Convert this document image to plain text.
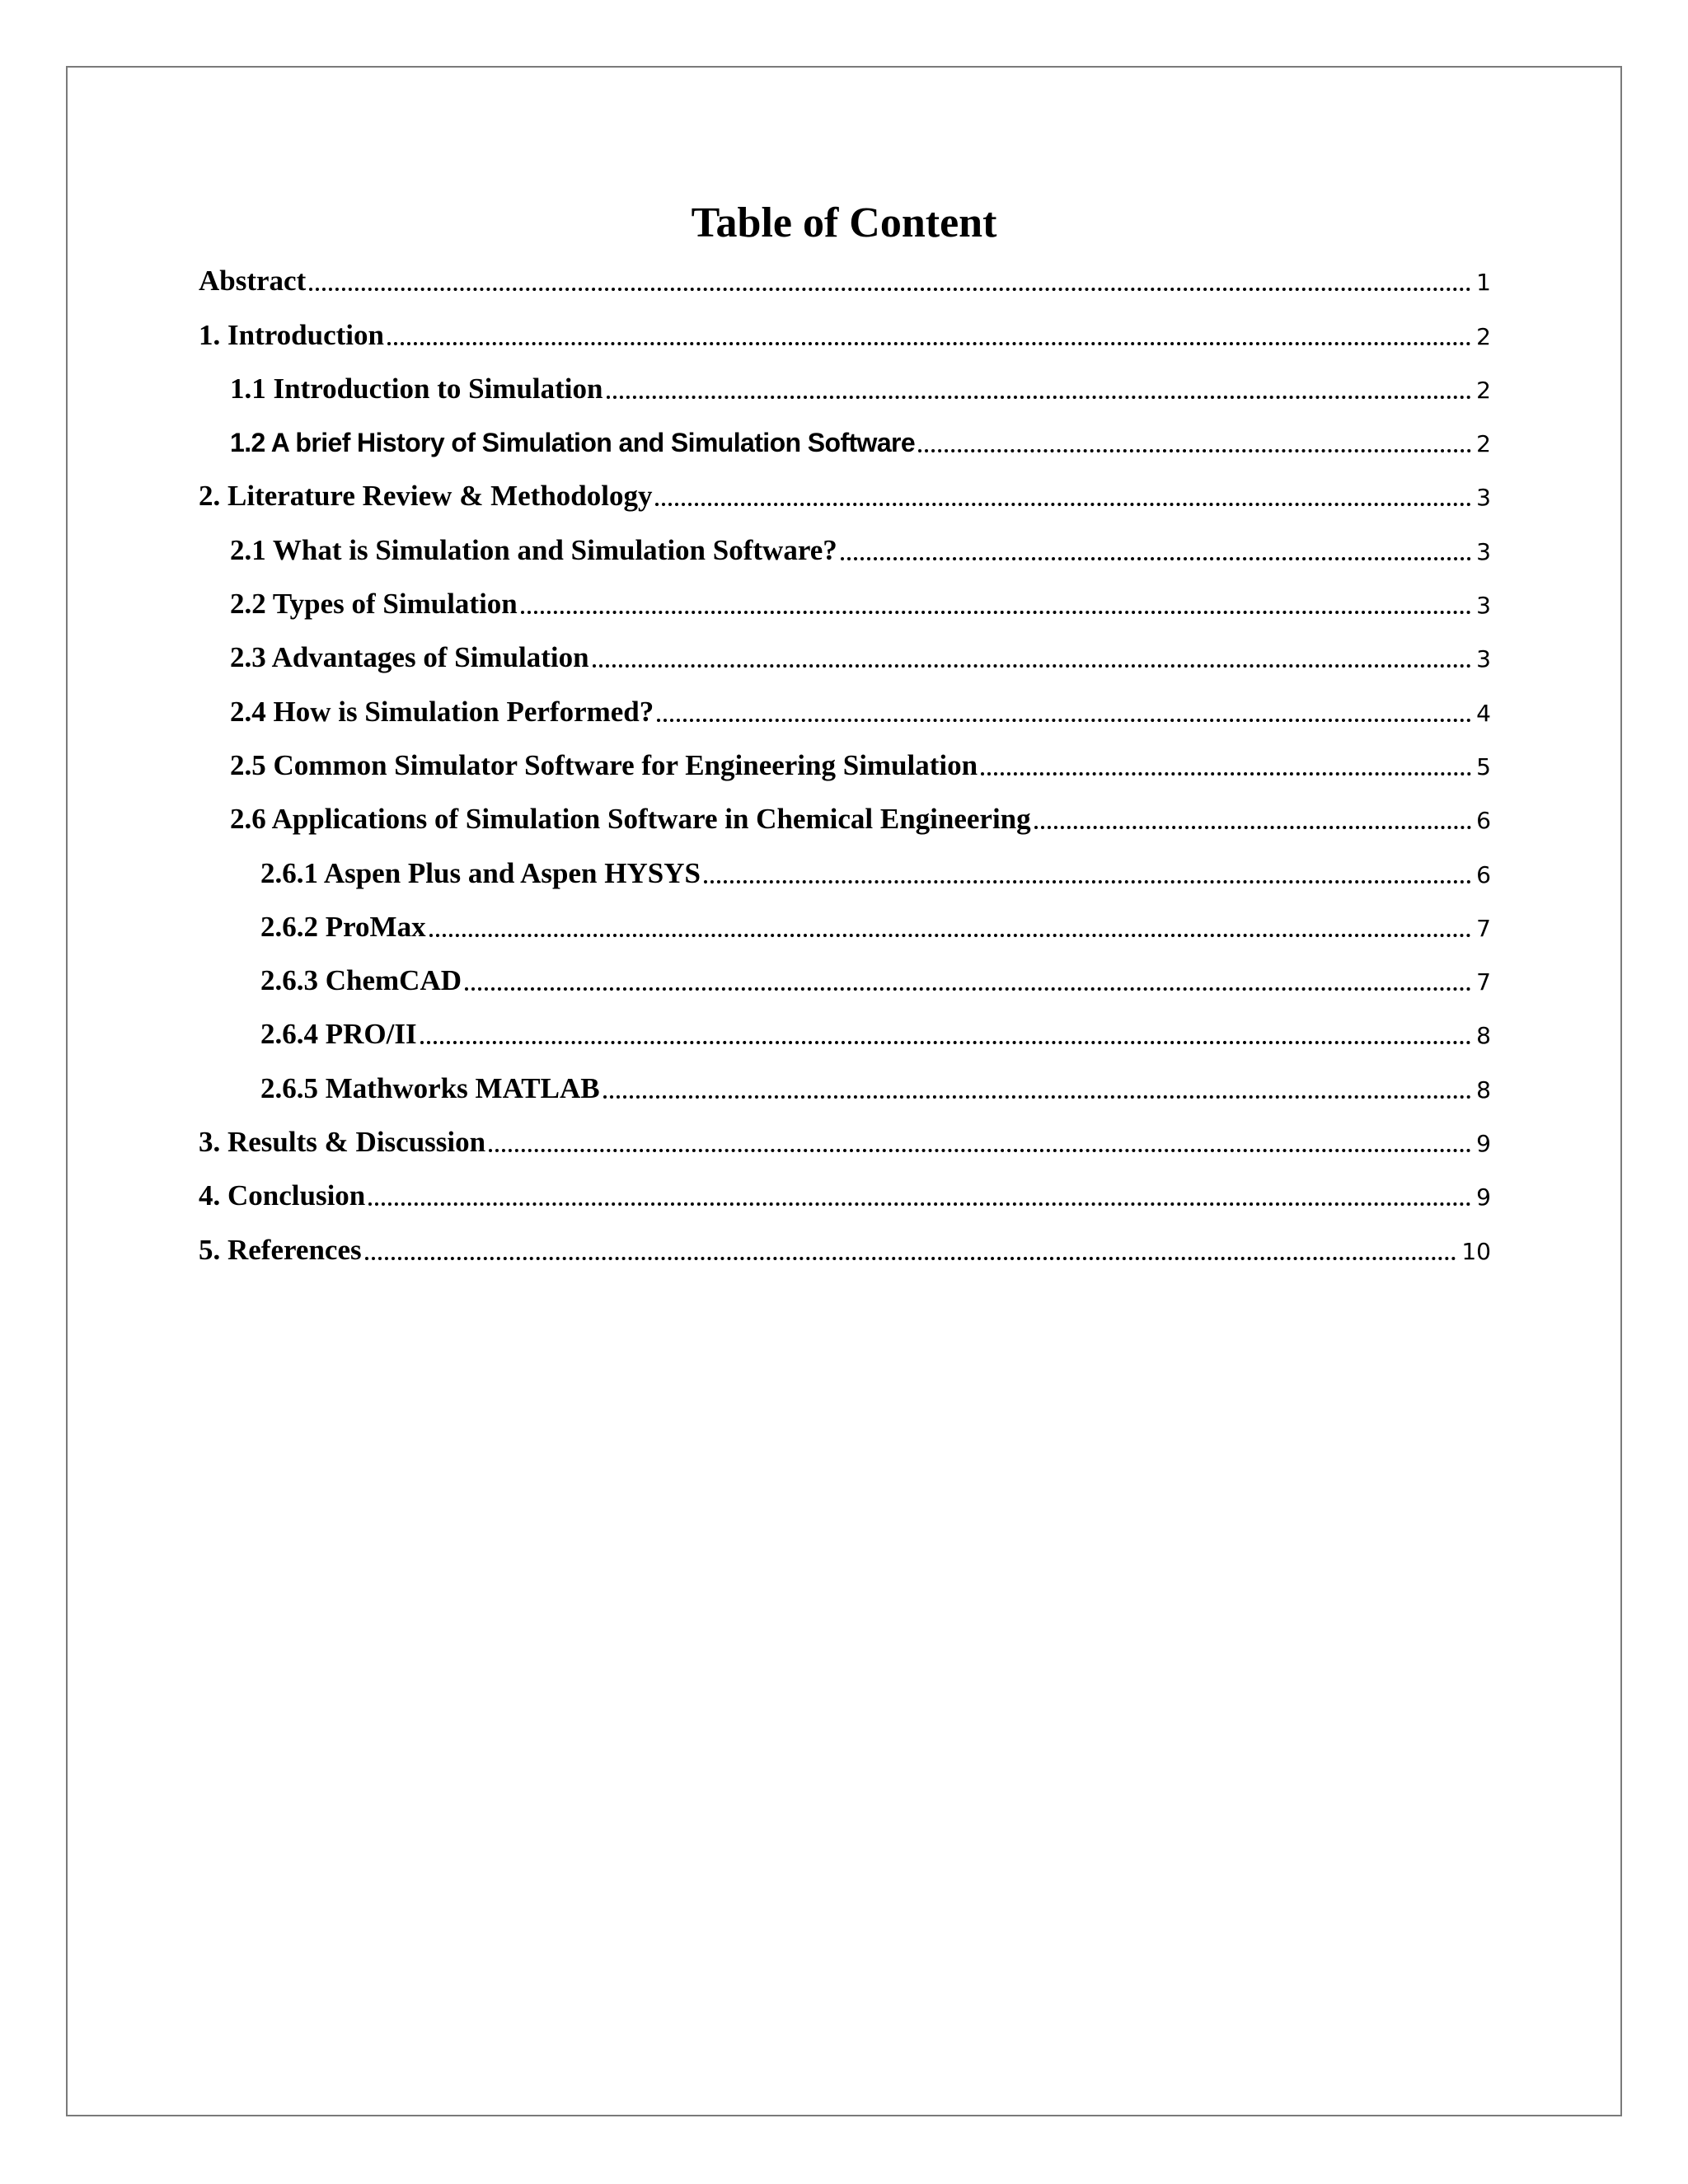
Table of Content
Abstract	1
1. Introduction	2
1.1 Introduction to Simulation	2
1.2 A brief History of Simulation and Simulation Software	2
2. Literature Review & Methodology	3
2.1 What is Simulation and Simulation Software?	3
2.2 Types of Simulation	3
2.3 Advantages of Simulation	3
2.4 How is Simulation Performed?	4
2.5 Common Simulator Software for Engineering Simulation	5
2.6 Applications of Simulation Software in Chemical Engineering	6
2.6.1 Aspen Plus and Aspen HYSYS	6
2.6.2 ProMax	7
2.6.3 ChemCAD	7
2.6.4 PRO/II	8
2.6.5 Mathworks MATLAB	8
3. Results & Discussion	9
4. Conclusion	9
5. References	10
